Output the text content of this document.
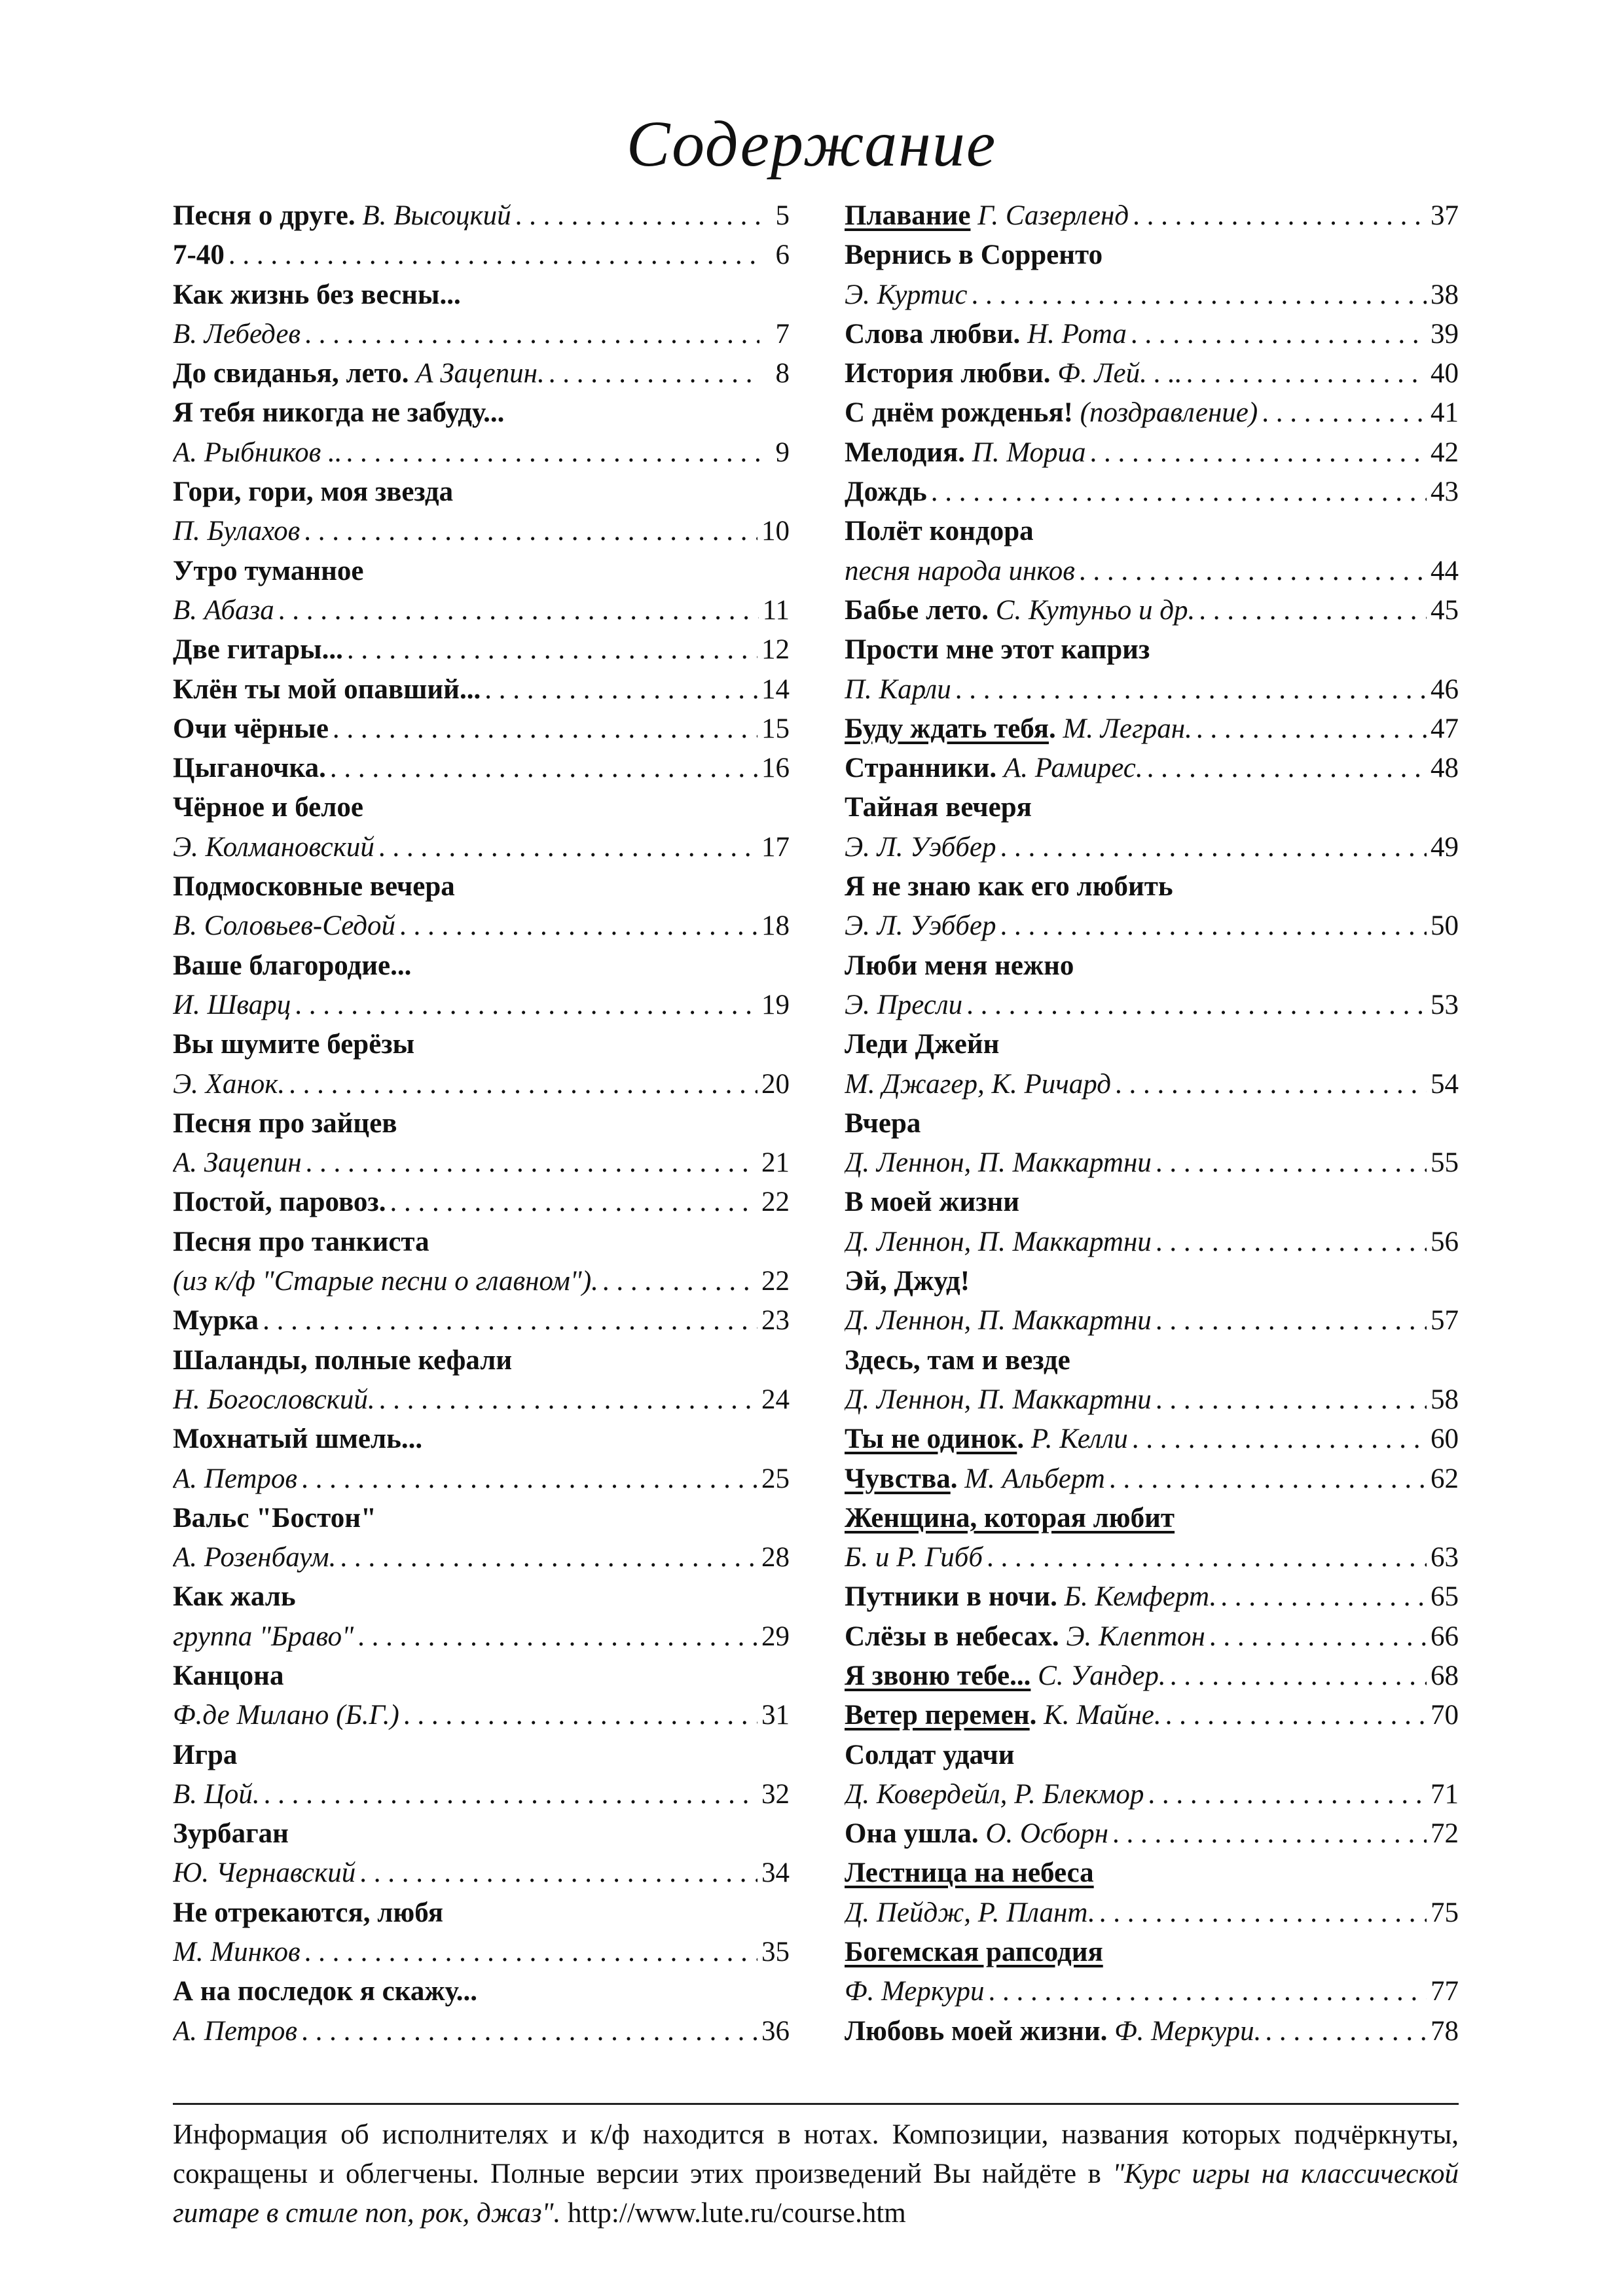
Содержание
Песня о друге.
В. Высоцкий . . .	5
7-40 . . .	6
Как жизнь без весны...
В. Лебедев . . .	7
До свиданья, лето.
А Зацепин. . . .	8
Я тебя никогда не забуду...
А. Рыбников .. . . .	9
Гори, гори, моя звезда
П. Булахов . . .	10
Утро туманное
В. Абаза . . .	11
Две гитары... . . .	12
Клён ты мой опавший... . . .	14
Очи чёрные . . .	15
Цыганочка. . . .	16
Чёрное и белое
Э. Колмановский . . .	17
Подмосковные вечера
В. Соловьев-Седой . . .	18
Ваше благородие...
И. Шварц . . .	19
Вы шумите берёзы
Э. Ханок. . . .	20
Песня про зайцев
А. Зацепин . . .	21
Постой, паровоз. . . .	22
Песня про танкиста
(из к/ф "Старые песни о главном"). . . .	22
Мурка . . .	23
Шаланды, полные кефали
Н. Богословский. . . .	24
Мохнатый шмель...
А. Петров . . .	25
Вальс "Бостон"
А. Розенбаум. . . .	28
Как жаль
группа "Браво" . . .	29
Канцона
Ф.де Милано (Б.Г.) . . .	31
Игра
В. Цой. . . .	32
Зурбаган
Ю. Чернавский . . .	34
Не отрекаются, любя
М. Минков . . .	35
А на последок я скажу...
А. Петров . . .	36
Плавание
Г. Сазерленд . . .	37
Вернись в Сорренто
Э. Куртис . . .	38
Слова любви.
Н. Рота . . .	39
История любви.
Ф. Лей. . .. . . .	40
С днём рожденья!
(поздравление) . . .	41
Мелодия.
П. Мориа . . .	42
Дождь . . .	43
Полёт кондора
песня народа инков . . .	44
Бабье лето.
С. Кутуньо и др. . . .	45
Прости мне этот каприз
П. Карли . . .	46
Буду ждать тебя .
М. Легран. . . .	47
Странники.
А. Рамирес. . . .	48
Тайная вечеря
Э. Л. Уэббер . . .	49
Я не знаю как его любить
Э. Л. Уэббер . . .	50
Люби меня нежно
Э. Пресли . . .	53
Леди Джейн
М. Джагер, К. Ричард . . .	54
Вчера
Д. Леннон, П. Маккартни . . .	55
В моей жизни
Д. Леннон, П. Маккартни . . .	56
Эй, Джуд!
Д. Леннон, П. Маккартни . . .	57
Здесь, там и везде
Д. Леннон, П. Маккартни . . .	58
Ты не одинок .
Р. Келли . . .	60
Чувства .
М. Альберт . . .	62
Женщина, которая любит
Б. и Р. Гибб . . .	63
Путники в ночи.
Б. Кемферт. . . .	65
Слёзы в небесах.
Э. Клептон . . .	66
Я звоню тебе...
С. Уандер. . . .	68
Ветер перемен .
К. Майне. . . .	70
Солдат удачи
Д. Ковердейл, Р. Блекмор . . .	71
Она ушла.
О. Осборн . . .	72
Лестница на небеса
Д. Пейдж, Р. Плант. . . .	75
Богемская рапсодия
Ф. Меркури . . .	77
Любовь моей жизни.
Ф. Меркури. . . .	78
Информация об исполнителях и к/ф находится в нотах. Композиции, названия которых подчёркнуты, сокращены и облегчены. Полные версии этих произведений Вы найдёте в "Курс игры на классической гитаре в стиле поп, рок, джаз". http://www.lute.ru/course.htm
